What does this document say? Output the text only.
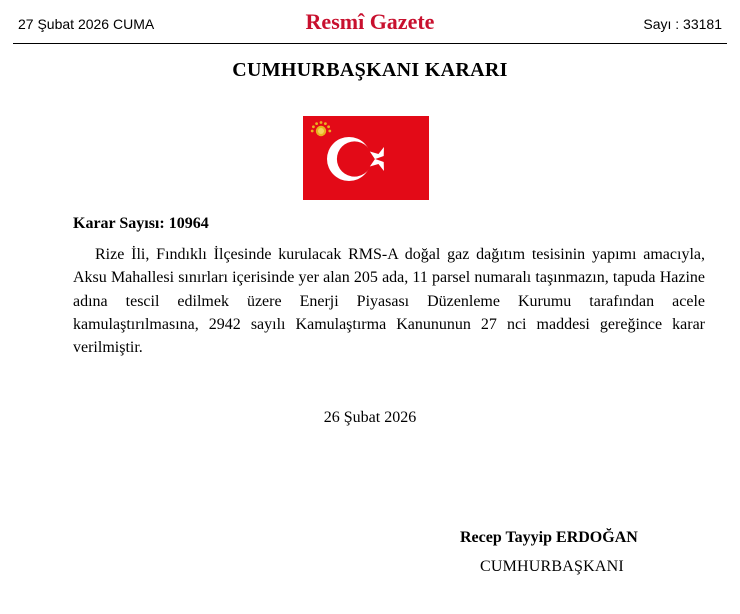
27 Şubat 2026 CUMA	Resmî Gazete	Sayı : 33181
CUMHURBAŞKANI KARARI
Karar Sayısı: 10964

Rize İli, Fındıklı İlçesinde kurulacak RMS-A doğal gaz dağıtım tesisinin yapımı amacıyla, Aksu Mahallesi sınırları içerisinde yer alan 205 ada, 11 parsel numaralı taşınmazın, tapuda Hazine adına tescil edilmek üzere Enerji Piyasası Düzenleme Kurumu tarafından acele kamulaştırılmasına, 2942 sayılı Kamulaştırma Kanununun 27 nci maddesi gereğince karar verilmiştir.

26 Şubat 2026
Recep Tayyip ERDOĞAN
CUMHURBAŞKANI
